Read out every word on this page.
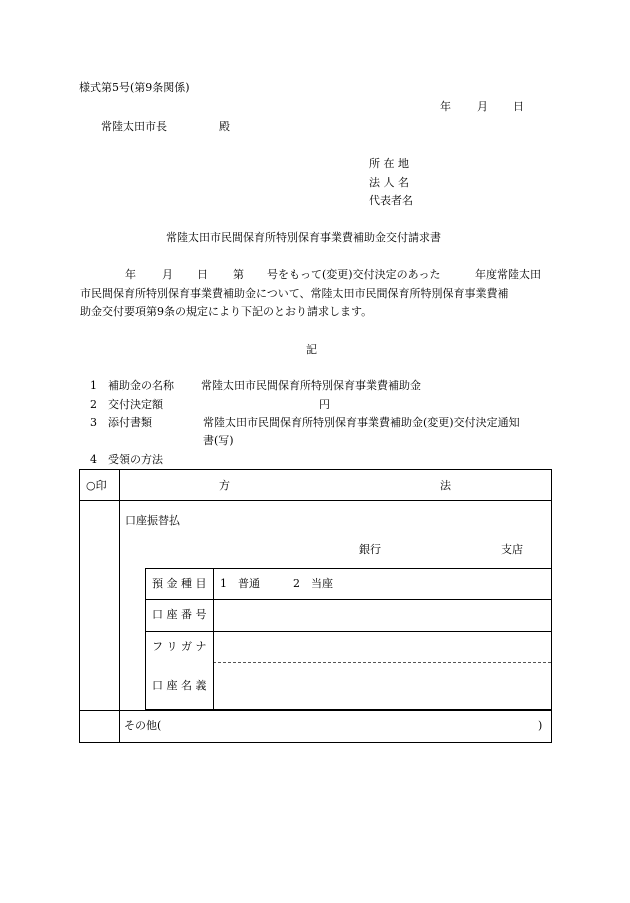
様式第5号(第9条関係)
年 月 日
常陸太田市長	殿
所 在 地
法 人 名
代表者名
常陸太田市民間保育所特別保育事業費補助金交付請求書
年 月 日 第 号をもって(変更)交付決定のあった	年度常陸太田
市民間保育所特別保育事業費補助金について、常陸太田市民間保育所特別保育事業費補
助金交付要項第9条の規定により下記のとおり請求します。
記
1 補助金の名称 常陸太田市民間保育所特別保育事業費補助金
2 交付決定額	円
3 添付書類	常陸太田市民間保育所特別保育事業費補助金(変更)交付決定通知
書(写)
4 受領の方法
○印	方	法
口座振替払
銀行	支店
預 金 種 目 1　普通　　　2　当座
口 座 番 号
フ リ ガ ナ
口 座 名 義
その他(	)
